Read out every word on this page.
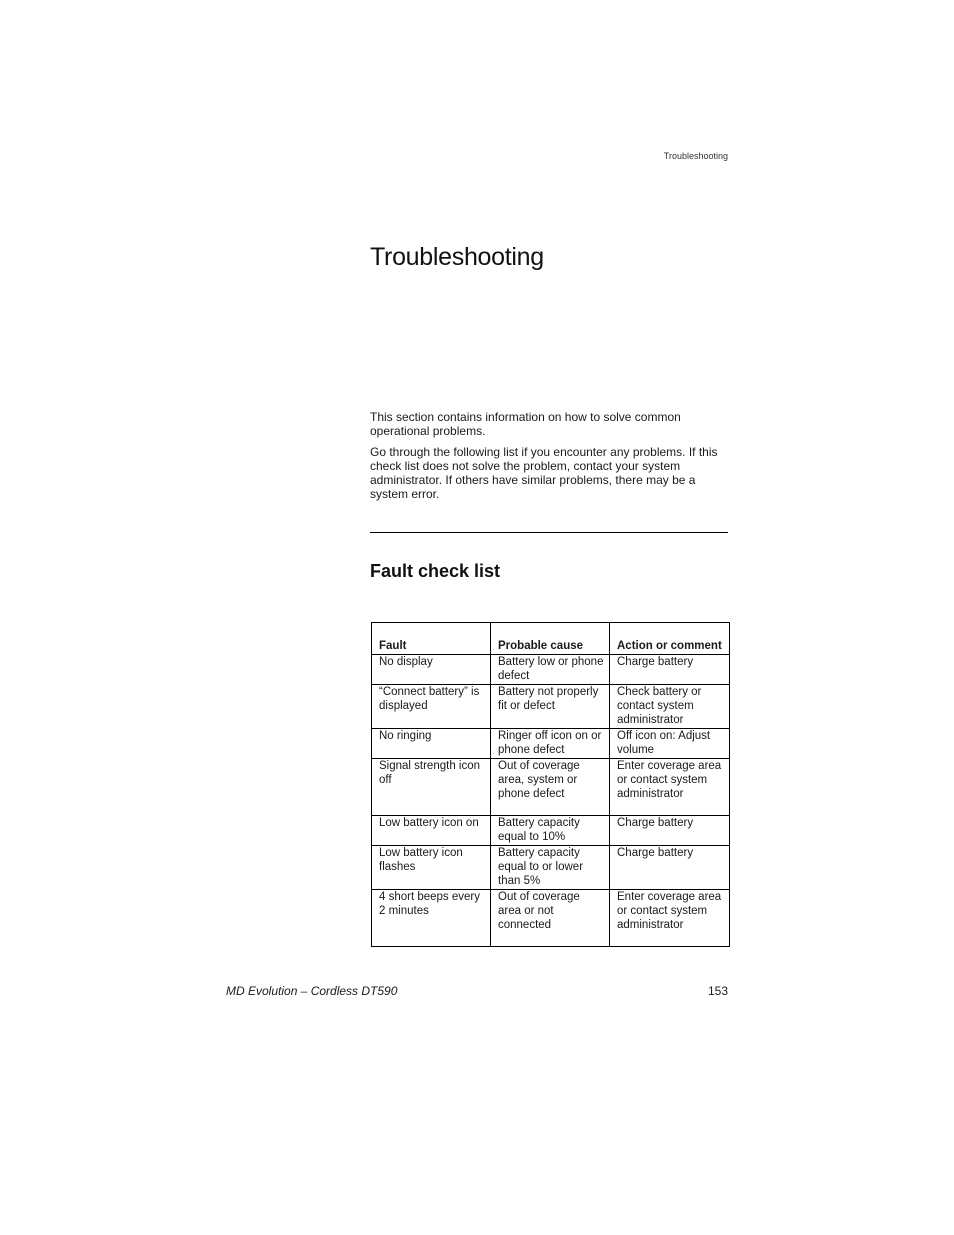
Troubleshooting
Troubleshooting

This section contains information on how to solve common operational problems.

Go through the following list if you encounter any problems. If this check list does not solve the problem, contact your system administrator. If others have similar problems, there may be a system error.

Fault check list
Fault	Probable cause	Action or comment
No display	Battery low or phone defect	Charge battery
“Connect battery” is displayed	Battery not properly fit or defect	Check battery or contact system administrator
No ringing	Ringer off icon on or phone defect	Off icon on: Adjust volume
Signal strength icon off	Out of coverage area, system or phone defect	Enter coverage area or contact system administrator
Low battery icon on	Battery capacity equal to 10%	Charge battery
Low battery icon flashes	Battery capacity equal to or lower than 5%	Charge battery
4 short beeps every 2 minutes	Out of coverage area or not connected	Enter coverage area or contact system administrator
MD Evolution – Cordless DT590	153
